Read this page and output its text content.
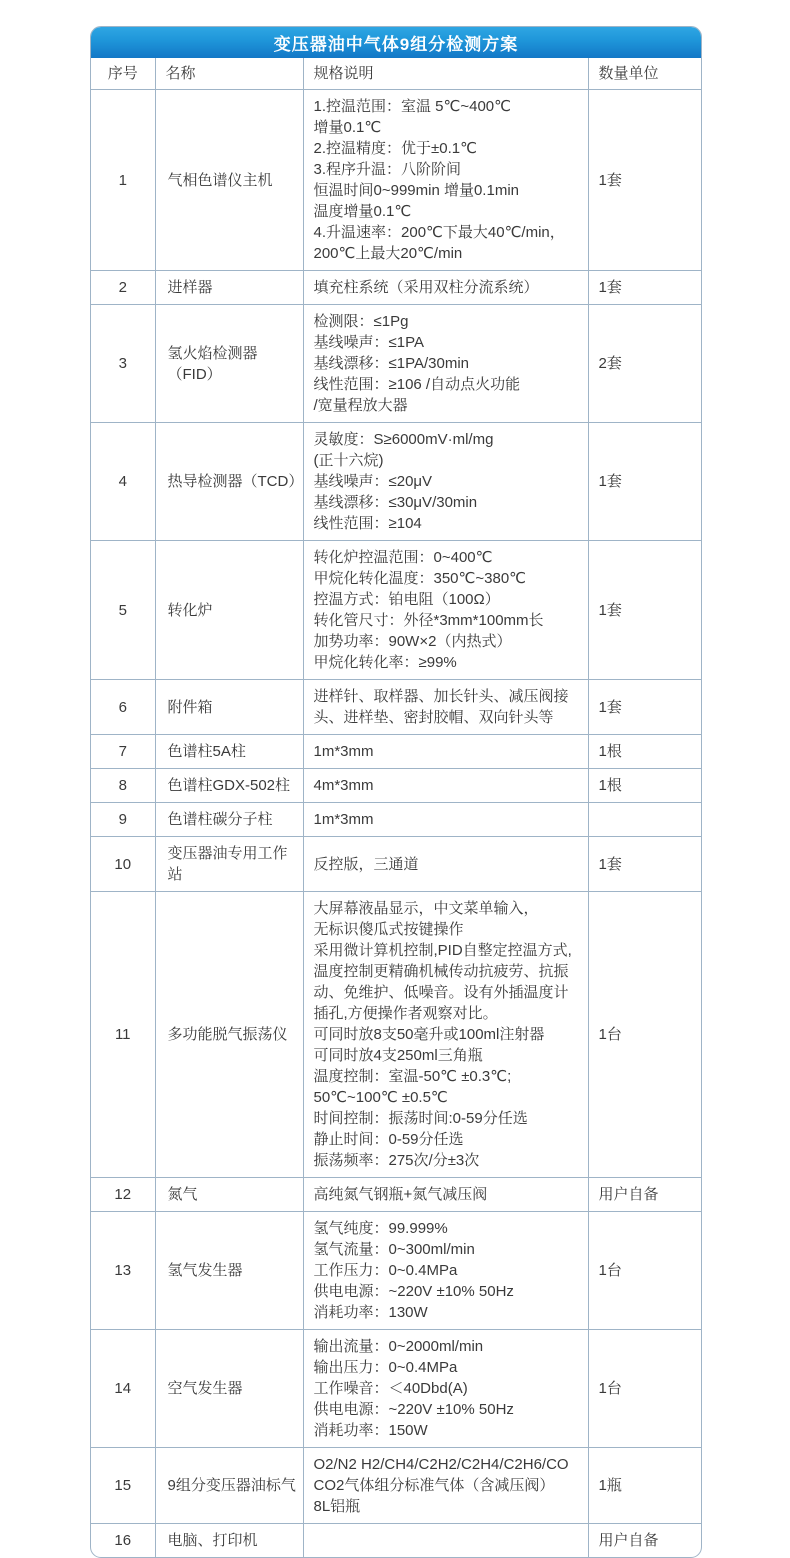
变压器油中气体9组分检测方案
序号	名称	规格说明	数量单位
1	气相色谱仪主机	1.控温范围：室温 5℃~400℃
增量0.1℃
2.控温精度：优于±0.1℃
3.程序升温：八阶阶间
恒温时间0~999min 增量0.1min
温度增量0.1℃
4.升温速率：200℃下最大40℃/min，
200℃上最大20℃/min	1套
2	进样器	填充柱系统（采用双柱分流系统）	1套
3	氢火焰检测器（FID）	检测限：≤1Pg
基线噪声：≤1PA
基线漂移：≤1PA/30min
线性范围：≥106 /自动点火功能
/宽量程放大器	2套
4	热导检测器（TCD）	灵敏度：S≥6000mV·ml/mg
(正十六烷)
基线噪声：≤20μV
基线漂移：≤30μV/30min
线性范围：≥104	1套
5	转化炉	转化炉控温范围：0~400℃
甲烷化转化温度：350℃~380℃
控温方式：铂电阻（100Ω）
转化管尺寸：外径*3mm*100mm长
加势功率：90W×2（内热式）
甲烷化转化率：≥99%	1套
6	附件箱	进样针、取样器、加长针头、减压阀接头、进样垫、密封胶帽、双向针头等	1套
7	色谱柱5A柱	1m*3mm	1根
8	色谱柱GDX-502柱	4m*3mm	1根
9	色谱柱碳分子柱	1m*3mm	
10	变压器油专用工作站	反控版，三通道	1套
11	多功能脱气振荡仪	大屏幕液晶显示，中文菜单输入，
无标识傻瓜式按键操作
采用微计算机控制,PID自整定控温方式,温度控制更精确机械传动抗疲劳、抗振动、免维护、低噪音。设有外插温度计插孔,方便操作者观察对比。
可同时放8支50毫升或100ml注射器
可同时放4支250ml三角瓶
温度控制：室温-50℃ ±0.3℃;
50℃~100℃ ±0.5℃
时间控制：振荡时间:0-59分任选
静止时间：0-59分任选
振荡频率：275次/分±3次	1台
12	氮气	高纯氮气钢瓶+氮气减压阀	用户自备
13	氢气发生器	氢气纯度：99.999%
氢气流量：0~300ml/min
工作压力：0~0.4MPa
供电电源：~220V ±10% 50Hz
消耗功率：130W	1台
14	空气发生器	输出流量：0~2000ml/min
输出压力：0~0.4MPa
工作噪音：＜40Dbd(A)
供电电源：~220V ±10% 50Hz
消耗功率：150W	1台
15	9组分变压器油标气	O2/N2 H2/CH4/C2H2/C2H4/C2H6/CO
CO2气体组分标准气体（含减压阀）
8L铝瓶	1瓶
16	电脑、打印机		用户自备
